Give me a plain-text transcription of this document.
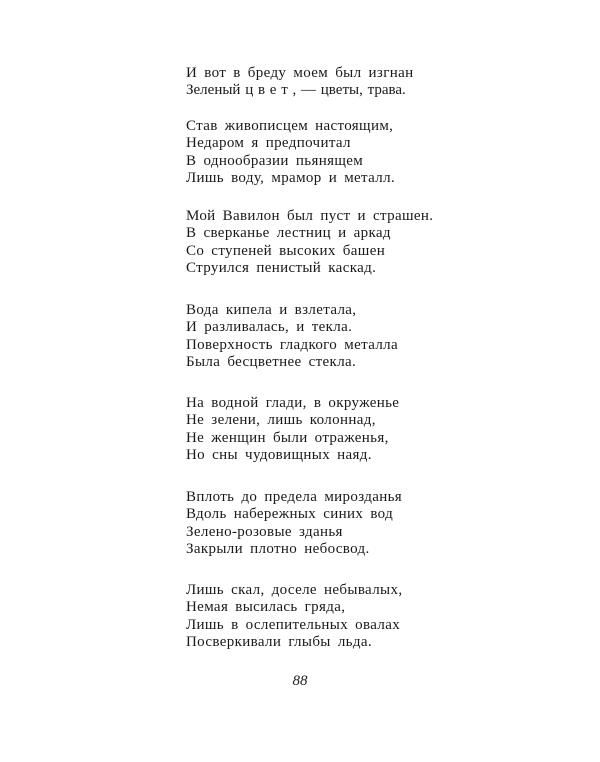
И вот в бреду моем был изгнан
Зеленый ц в е т , — цветы, трава.
Став живописцем настоящим,
Недаром я предпочитал
В однообразии пьянящем
Лишь воду, мрамор и металл.
Мой Вавилон был пуст и страшен.
В сверканье лестниц и аркад
Со ступеней высоких башен
Струился пенистый каскад.
Вода кипела и взлетала,
И разливалась, и текла.
Поверхность гладкого металла
Была бесцветнее стекла.
На водной глади, в окруженье
Не зелени, лишь колоннад,
Не женщин были отраженья,
Но сны чудовищных наяд.
Вплоть до предела мирозданья
Вдоль набережных синих вод
Зелено-розовые зданья
Закрыли плотно небосвод.
Лишь скал, доселе небывалых,
Немая высилась гряда,
Лишь в ослепительных овалах
Посверкивали глыбы льда.
88
